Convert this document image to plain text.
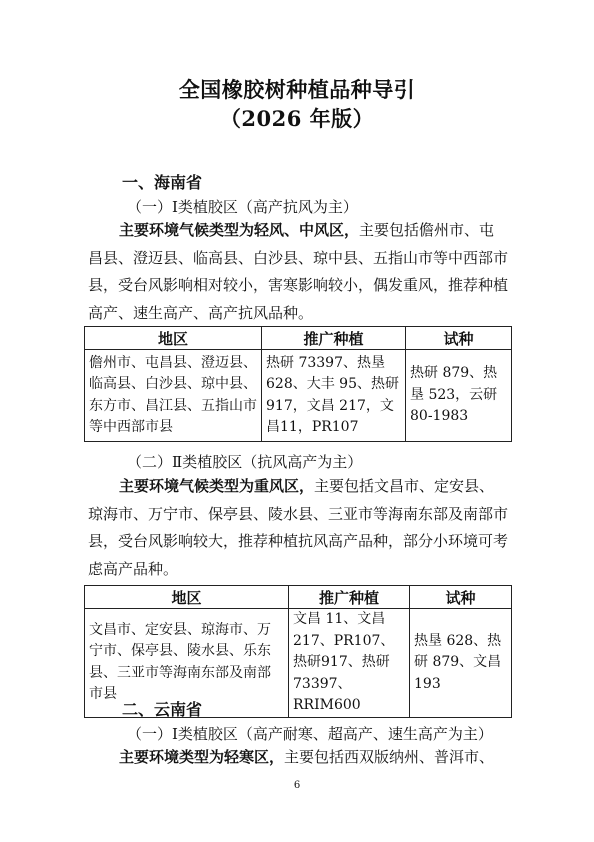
全国橡胶树种植品种导引
（2026 年版）
一、海南省
（一）Ⅰ类植胶区（高产抗风为主）
主要环境气候类型为轻风、中风区，主要包括儋州市、屯昌县、澄迈县、临高县、白沙县、琼中县、五指山市等中西部市县，受台风影响相对较小，害寒影响较小，偶发重风，推荐种植高产、速生高产、高产抗风品种。
地区	推广种植	试种
儋州市、屯昌县、澄迈县、临高县、白沙县、琼中县、东方市、昌江县、五指山市等中西部市县	热研 73397、热垦628、大丰 95、热研917，文昌 217，文昌11，PR107	热研 879、热垦 523，云研80-1983
（二）Ⅱ类植胶区（抗风高产为主）
主要环境气候类型为重风区，主要包括文昌市、定安县、琼海市、万宁市、保亭县、陵水县、三亚市等海南东部及南部市县，受台风影响较大，推荐种植抗风高产品种，部分小环境可考虑高产品种。
地区	推广种植	试种
文昌市、定安县、琼海市、万宁市、保亭县、陵水县、乐东县、三亚市等海南东部及南部市县	文昌 11、文昌 217、PR107、热研917、热研 73397、RRIM600	热垦 628、热研 879、文昌193
二、云南省
（一）Ⅰ类植胶区（高产耐寒、超高产、速生高产为主）
主要环境类型为轻寒区，主要包括西双版纳州、普洱市、
6
